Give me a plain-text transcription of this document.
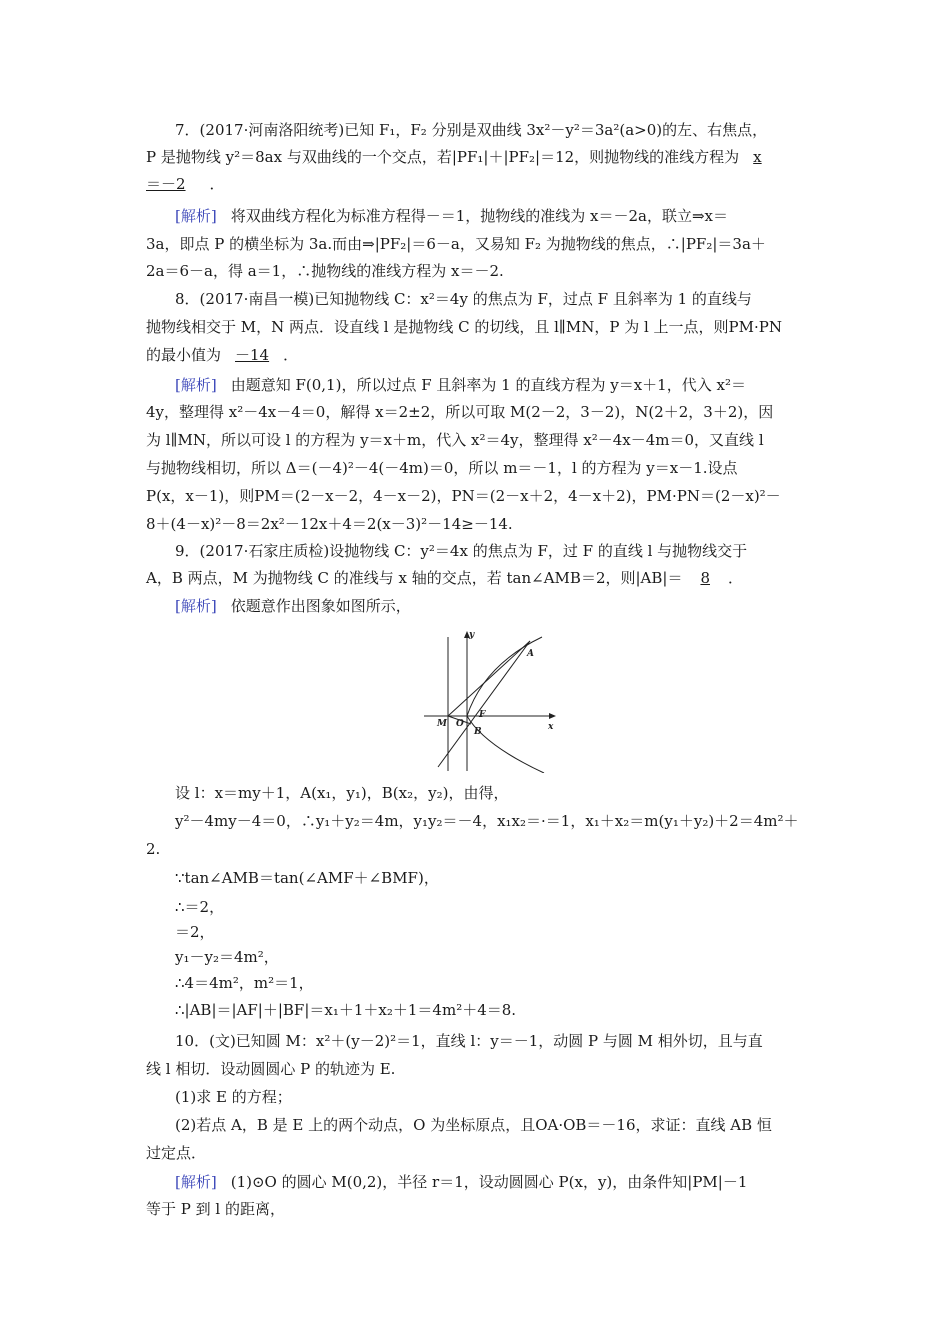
7．(2017·河南洛阳统考)已知 F₁，F₂ 分别是双曲线 3x²－y²＝3a²(a>0)的左、右焦点，
P 是抛物线 y²＝8ax 与双曲线的一个交点，若|PF₁|＋|PF₂|＝12，则抛物线的准线方程为 x
＝－2 ．
[解析] 将双曲线方程化为标准方程得－＝1，抛物线的准线为 x＝－2a，联立⇒x＝
3a，即点 P 的横坐标为 3a.而由⇒|PF₂|＝6－a，又易知 F₂ 为抛物线的焦点，∴|PF₂|＝3a＋
2a＝6－a，得 a＝1，∴抛物线的准线方程为 x＝－2.
8．(2017·南昌一模)已知抛物线 C：x²＝4y 的焦点为 F，过点 F 且斜率为 1 的直线与
抛物线相交于 M，N 两点．设直线 l 是抛物线 C 的切线，且 l∥MN，P 为 l 上一点，则PM·PN
的最小值为 －14 ．
[解析] 由题意知 F(0,1)，所以过点 F 且斜率为 1 的直线方程为 y＝x＋1，代入 x²＝
4y，整理得 x²－4x－4＝0，解得 x＝2±2，所以可取 M(2－2，3－2)，N(2＋2，3＋2)，因
为 l∥MN，所以可设 l 的方程为 y＝x＋m，代入 x²＝4y，整理得 x²－4x－4m＝0，又直线 l
与抛物线相切，所以 Δ＝(－4)²－4(－4m)＝0，所以 m＝－1，l 的方程为 y＝x－1.设点
P(x，x－1)，则PM＝(2－x－2，4－x－2)，PN＝(2－x＋2，4－x＋2)，PM·PN＝(2－x)²－
8＋(4－x)²－8＝2x²－12x＋4＝2(x－3)²－14≥－14.
9．(2017·石家庄质检)设抛物线 C：y²＝4x 的焦点为 F，过 F 的直线 l 与抛物线交于
A，B 两点，M 为抛物线 C 的准线与 x 轴的交点，若 tan∠AMB＝2，则|AB|＝ 8 ．
[解析] 依题意作出图象如图所示，
y
x
A
M O
F
B
设 l：x＝my＋1，A(x₁，y₁)，B(x₂，y₂)，由得，
y²－4my－4＝0，∴y₁＋y₂＝4m，y₁y₂＝－4，x₁x₂＝·＝1，x₁＋x₂＝m(y₁＋y₂)＋2＝4m²＋
2.
∵tan∠AMB＝tan(∠AMF＋∠BMF)，
∴＝2，
＝2，
y₁－y₂＝4m²，
∴4＝4m²，m²＝1，
∴|AB|＝|AF|＋|BF|＝x₁＋1＋x₂＋1＝4m²＋4＝8.
10．(文)已知圆 M：x²＋(y－2)²＝1，直线 l：y＝－1，动圆 P 与圆 M 相外切，且与直
线 l 相切．设动圆圆心 P 的轨迹为 E.
(1)求 E 的方程；
(2)若点 A，B 是 E 上的两个动点，O 为坐标原点，且OA·OB＝－16，求证：直线 AB 恒
过定点．
[解析] (1)⊙O 的圆心 M(0,2)，半径 r＝1，设动圆圆心 P(x，y)，由条件知|PM|－1
等于 P 到 l 的距离，
